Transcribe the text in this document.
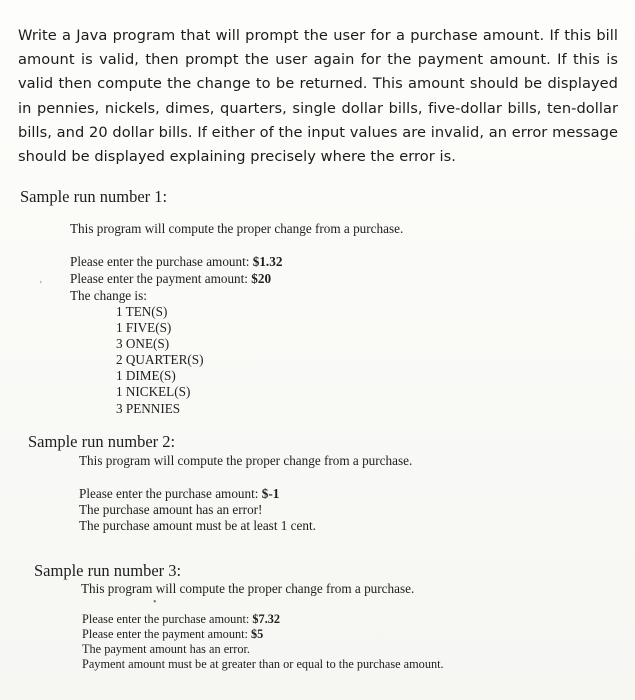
Write a Java program that will prompt the user for a purchase amount. If this bill amount is valid, then prompt the user again for the payment amount. If this is valid then compute the change to be returned. This amount should be displayed in pennies, nickels, dimes, quarters, single dollar bills, five-dollar bills, ten-dollar bills, and 20 dollar bills. If either of the input values are invalid, an error message should be displayed explaining precisely where the error is.
Sample run number 1:
This program will compute the proper change from a purchase.
Please enter the purchase amount: $1.32
Please enter the payment amount: $20
The change is:
1 TEN(S)
1 FIVE(S)
3 ONE(S)
2 QUARTER(S)
1 DIME(S)
1 NICKEL(S)
3 PENNIES
Sample run number 2:
This program will compute the proper change from a purchase.
Please enter the purchase amount: $-1
The purchase amount has an error!
The purchase amount must be at least 1 cent.
Sample run number 3:
This program will compute the proper change from a purchase.
Please enter the purchase amount: $7.32
Please enter the payment amount: $5
The payment amount has an error.
Payment amount must be at greater than or equal to the purchase amount.
'
•
